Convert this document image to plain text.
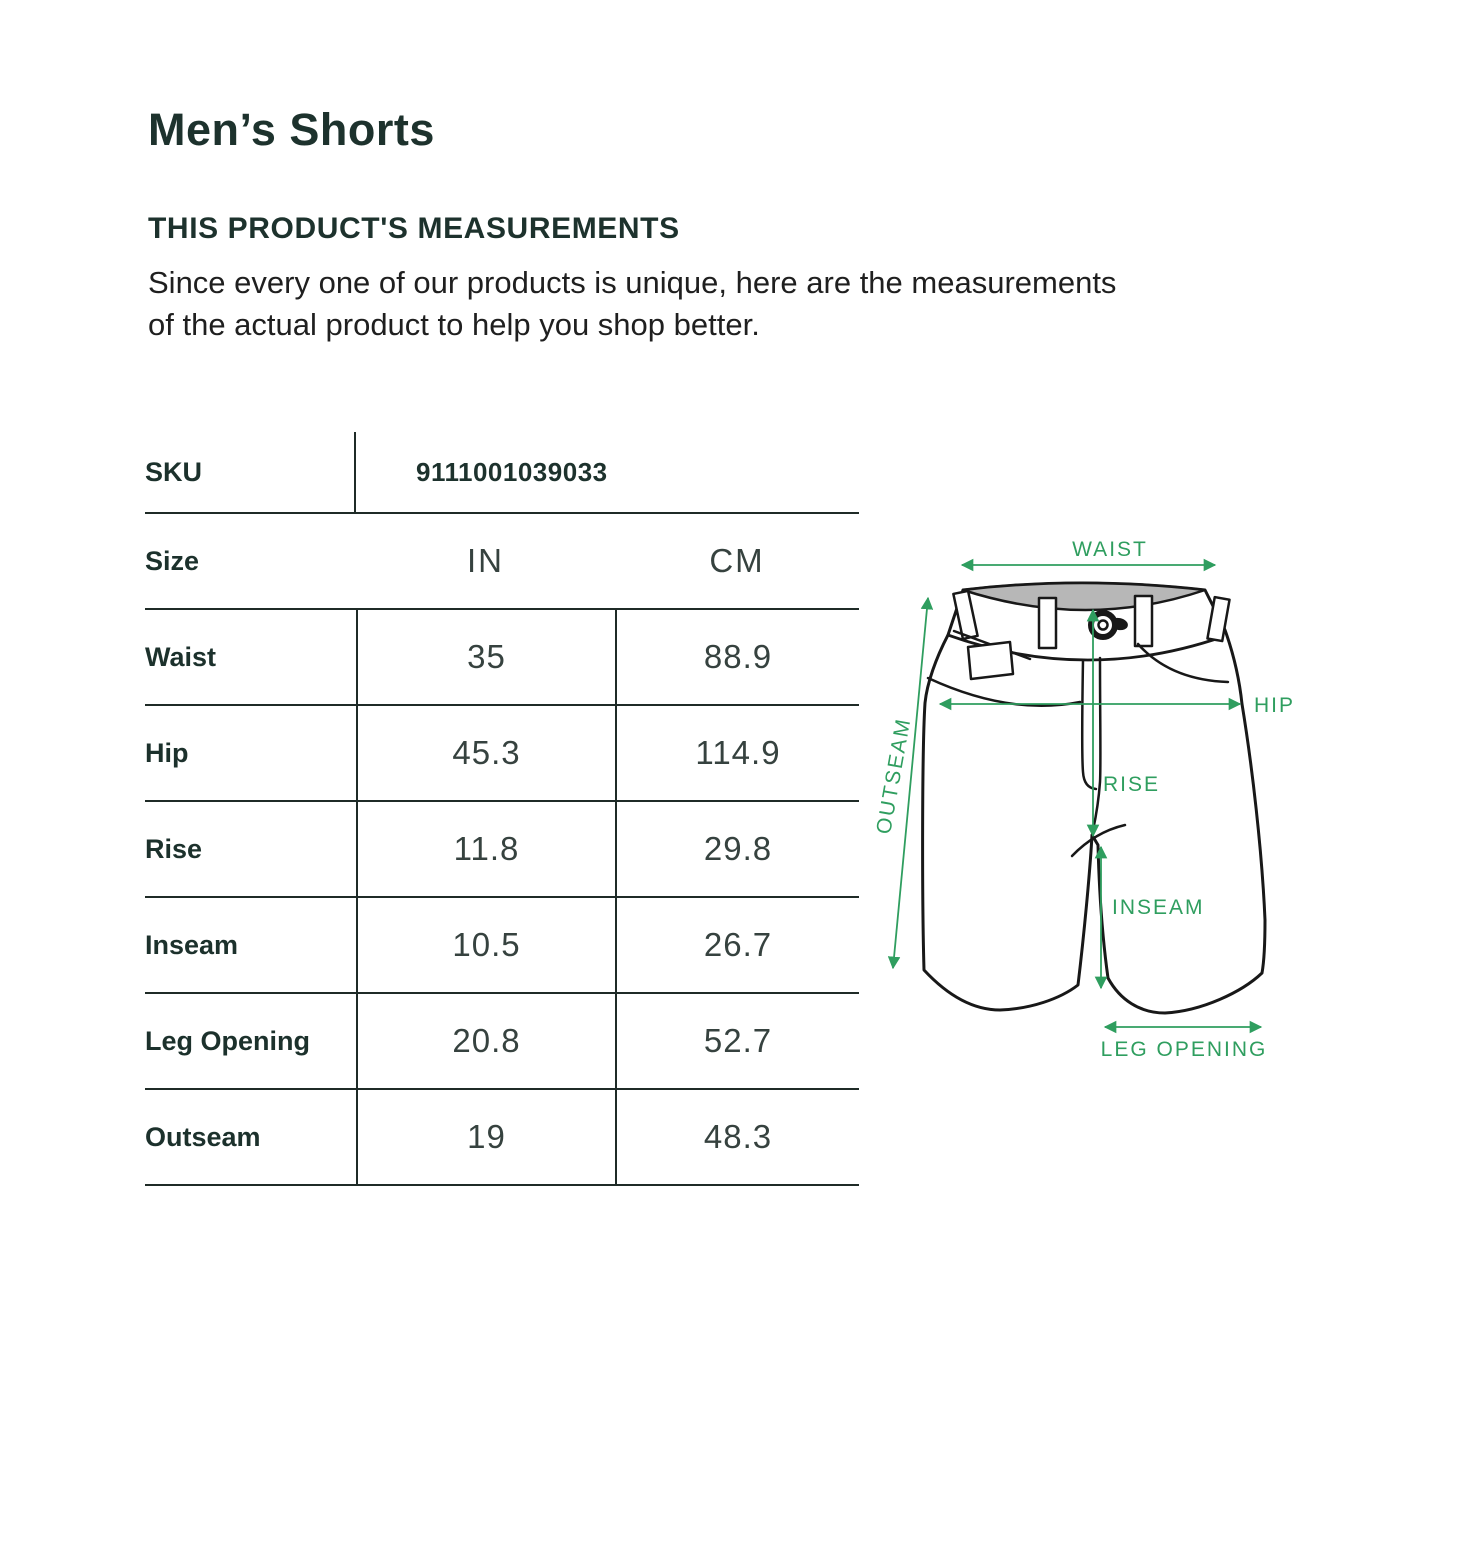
Men’s Shorts
THIS PRODUCT'S MEASUREMENTS

Since every one of our products is unique, here are the measurements
of the actual product to help you shop better.

SKU	9111001039033
Size	IN	CM
Waist	35	88.9
Hip	45.3	114.9
Rise	11.8	29.8
Inseam	10.5	26.7
Leg Opening	20.8	52.7
Outseam	19	48.3
WAIST
OUTSEAM
HIP
RISE
INSEAM
LEG OPENING
